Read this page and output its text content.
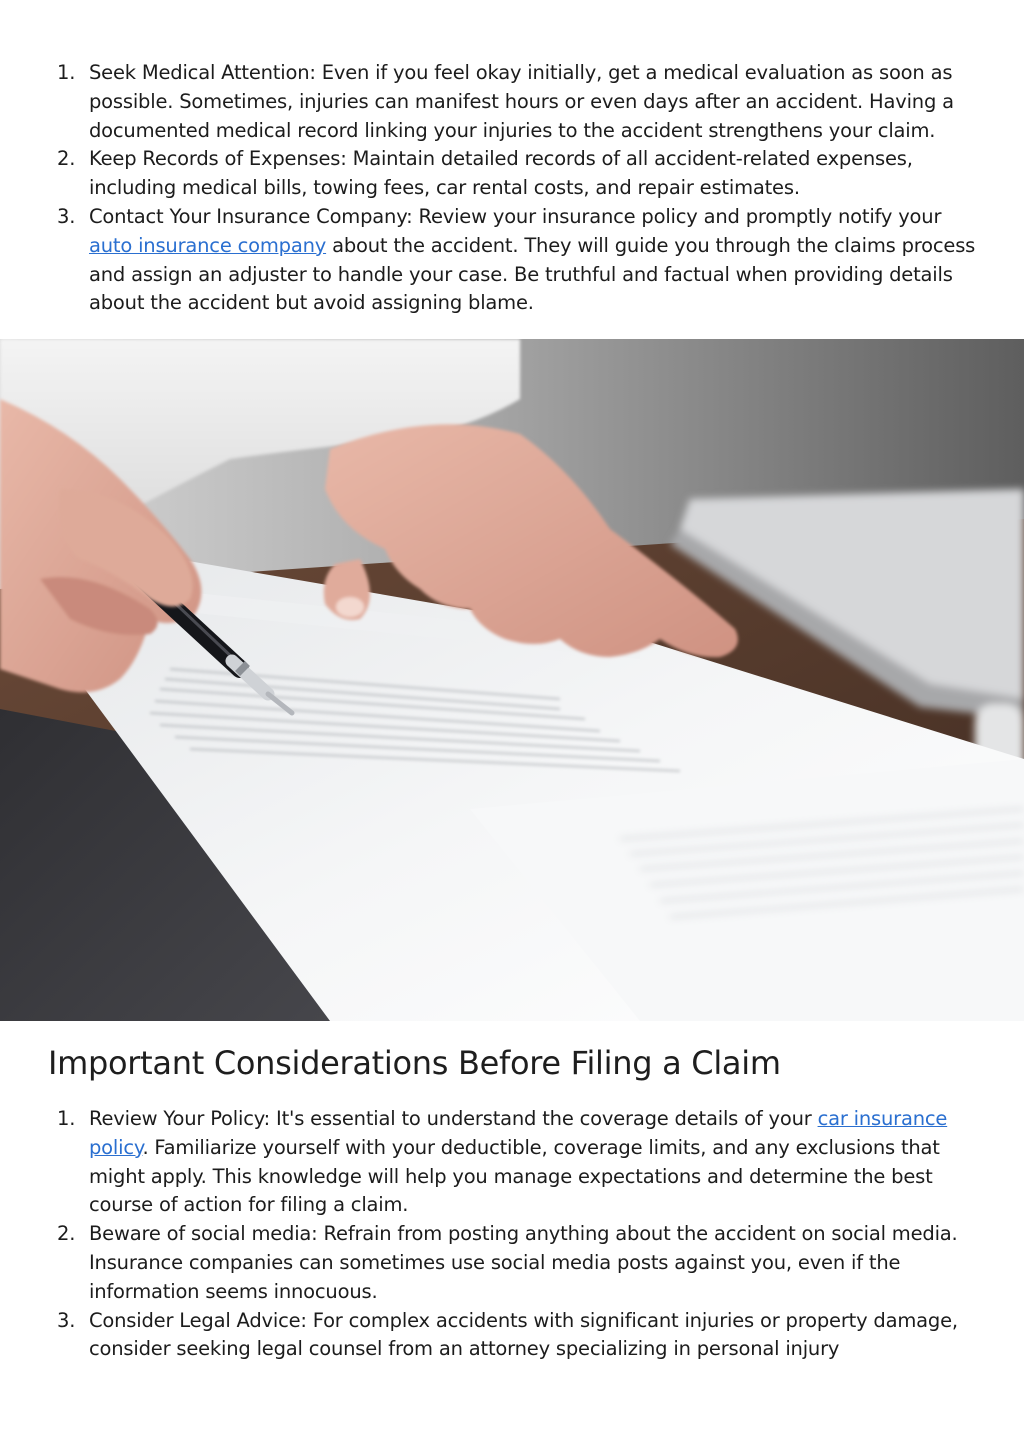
1. Seek Medical Attention: Even if you feel okay initially, get a medical evaluation as soon as possible. Sometimes, injuries can manifest hours or even days after an accident. Having a documented medical record linking your injuries to the accident strengthens your claim.
2. Keep Records of Expenses: Maintain detailed records of all accident-related expenses, including medical bills, towing fees, car rental costs, and repair estimates.
3. Contact Your Insurance Company: Review your insurance policy and promptly notify your auto insurance company about the accident. They will guide you through the claims process and assign an adjuster to handle your case. Be truthful and factual when providing details about the accident but avoid assigning blame.
Important Considerations Before Filing a Claim
1. Review Your Policy: It's essential to understand the coverage details of your car insurance policy. Familiarize yourself with your deductible, coverage limits, and any exclusions that might apply. This knowledge will help you manage expectations and determine the best course of action for filing a claim.
2. Beware of social media: Refrain from posting anything about the accident on social media. Insurance companies can sometimes use social media posts against you, even if the information seems innocuous.
3. Consider Legal Advice: For complex accidents with significant injuries or property damage, consider seeking legal counsel from an attorney specializing in personal injury
